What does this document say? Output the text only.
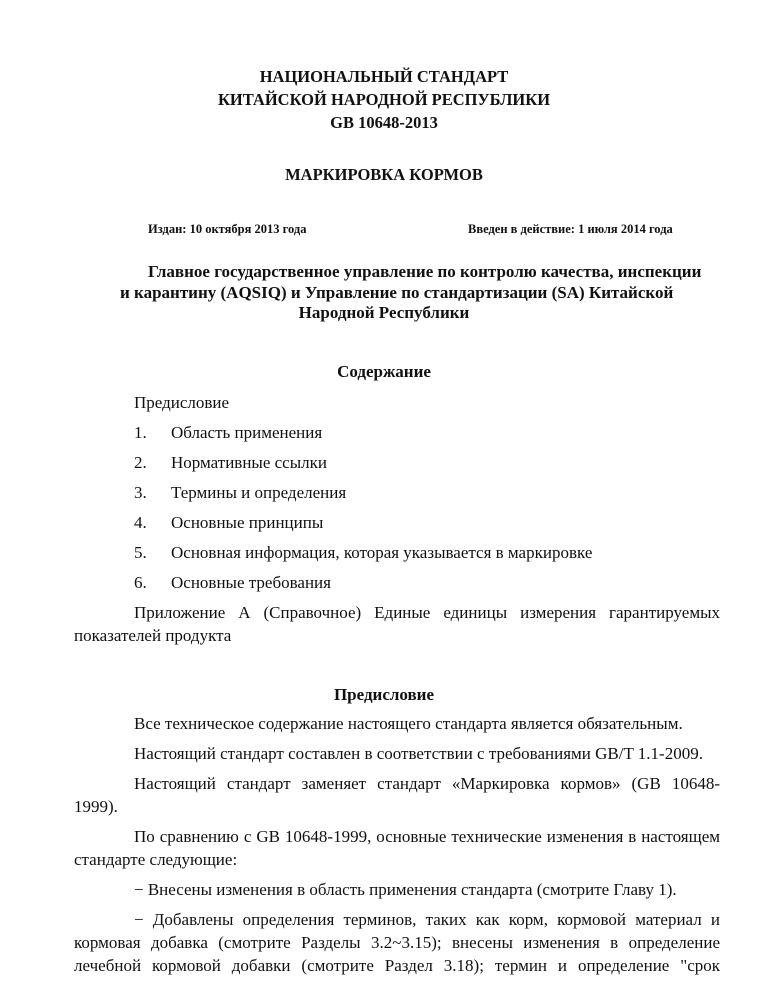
НАЦИОНАЛЬНЫЙ СТАНДАРТ
КИТАЙСКОЙ НАРОДНОЙ РЕСПУБЛИКИ
GB 10648-2013
МАРКИРОВКА КОРМОВ
Издан: 10 октября 2013 года	Введен в действие: 1 июля 2014 года
Главное государственное управление по контролю качества, инспекции
и карантину (AQSIQ) и Управление по стандартизации (SA) Китайской
Народной Республики
Содержание
Предисловие
1. Область применения
2. Нормативные ссылки
3. Термины и определения
4. Основные принципы
5. Основная информация, которая указывается в маркировке
6. Основные требования
Приложение А (Справочное) Единые единицы измерения гарантируемых
показателей продукта
Предисловие
Все техническое содержание настоящего стандарта является обязательным.
Настоящий стандарт составлен в соответствии с требованиями GB/T 1.1-2009.
Настоящий стандарт заменяет стандарт «Маркировка кормов» (GB 10648-
1999).
По сравнению с GB 10648-1999, основные технические изменения в настоящем
стандарте следующие:
− Внесены изменения в область применения стандарта (смотрите Главу 1).
− Добавлены определения терминов, таких как корм, кормовой материал и
кормовая добавка (смотрите Разделы 3.2~3.15); внесены изменения в определение
лечебной кормовой добавки (смотрите Раздел 3.18); термин и определение "срок
